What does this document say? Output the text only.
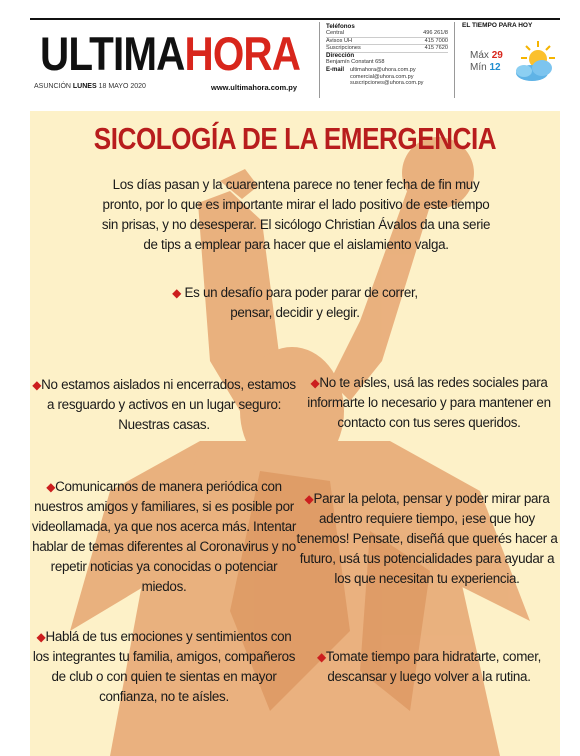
ULTIMAHORA
ASUNCIÓN LUNES 18 MAYO 2020	www.ultimahora.com.py
Teléfonos
Central	496 261/8
Avisos UH	415 7000
Suscripciones	415 7620
Dirección
Benjamín Constant 658
E-mail ultimahora@uhora.com.py
comercial@uhora.com.py
suscripciones@uhora.com.py
EL TIEMPO PARA HOY
Máx 29
Mín 12
SICOLOGÍA DE LA EMERGENCIA
Los días pasan y la cuarentena parece no tener fecha de fin muy pronto, por lo que es importante mirar el lado positivo de este tiempo sin prisas, y no desesperar. El sicólogo Christian Ávalos da una serie de tips a emplear para hacer que el aislamiento valga.
◆ Es un desafío para poder parar de correr, pensar, decidir y elegir.
◆No estamos aislados ni encerrados, estamos a resguardo y activos en un lugar seguro: Nuestras casas.
◆No te aísles, usá las redes sociales para informarte lo necesario y para mantener en contacto con tus seres queridos.
◆Comunicarnos de manera periódica con nuestros amigos y familiares, si es posible por videollamada, ya que nos acerca más. Intentar hablar de temas diferentes al Coronavirus y no repetir noticias ya conocidas o potenciar miedos.
◆Parar la pelota, pensar y poder mirar para adentro requiere tiempo, ¡ese que hoy tenemos! Pensate, diseñá que querés hacer a futuro, usá tus potencialidades para ayudar a los que necesitan tu experiencia.
◆Hablá de tus emociones y sentimientos con los integrantes tu familia, amigos, compañeros de club o con quien te sientas en mayor confianza, no te aísles.
◆Tomate tiempo para hidratarte, comer, descansar y luego volver a la rutina.
